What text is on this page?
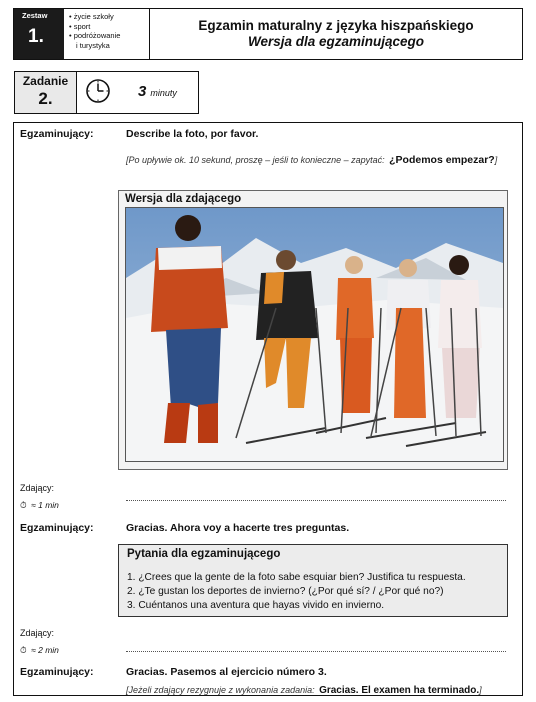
Zestaw
1.
• życie szkoły
• sport
• podróżowanie
i turystyka
Egzamin maturalny z języka hiszpańskiego
Wersja dla egzaminującego
Zadanie
2.	3 minuty
Egzaminujący:	Describe la foto, por favor.
[Po upływie ok. 10 sekund, proszę – jeśli to konieczne – zapytać: ¿Podemos empezar?]
Wersja dla zdającego
Zdający:
⏱ ≈ 1 min
Egzaminujący:	Gracias. Ahora voy a hacerte tres preguntas.
Pytania dla egzaminującego
1. ¿Crees que la gente de la foto sabe esquiar bien? Justifica tu respuesta.
2. ¿Te gustan los deportes de invierno? (¿Por qué sí? / ¿Por qué no?)
3. Cuéntanos una aventura que hayas vivido en invierno.
Zdający:
⏱ ≈ 2 min
Egzaminujący:	Gracias. Pasemos al ejercicio número 3.
[Jeżeli zdający rezygnuje z wykonania zadania: Gracias. El examen ha terminado.]
